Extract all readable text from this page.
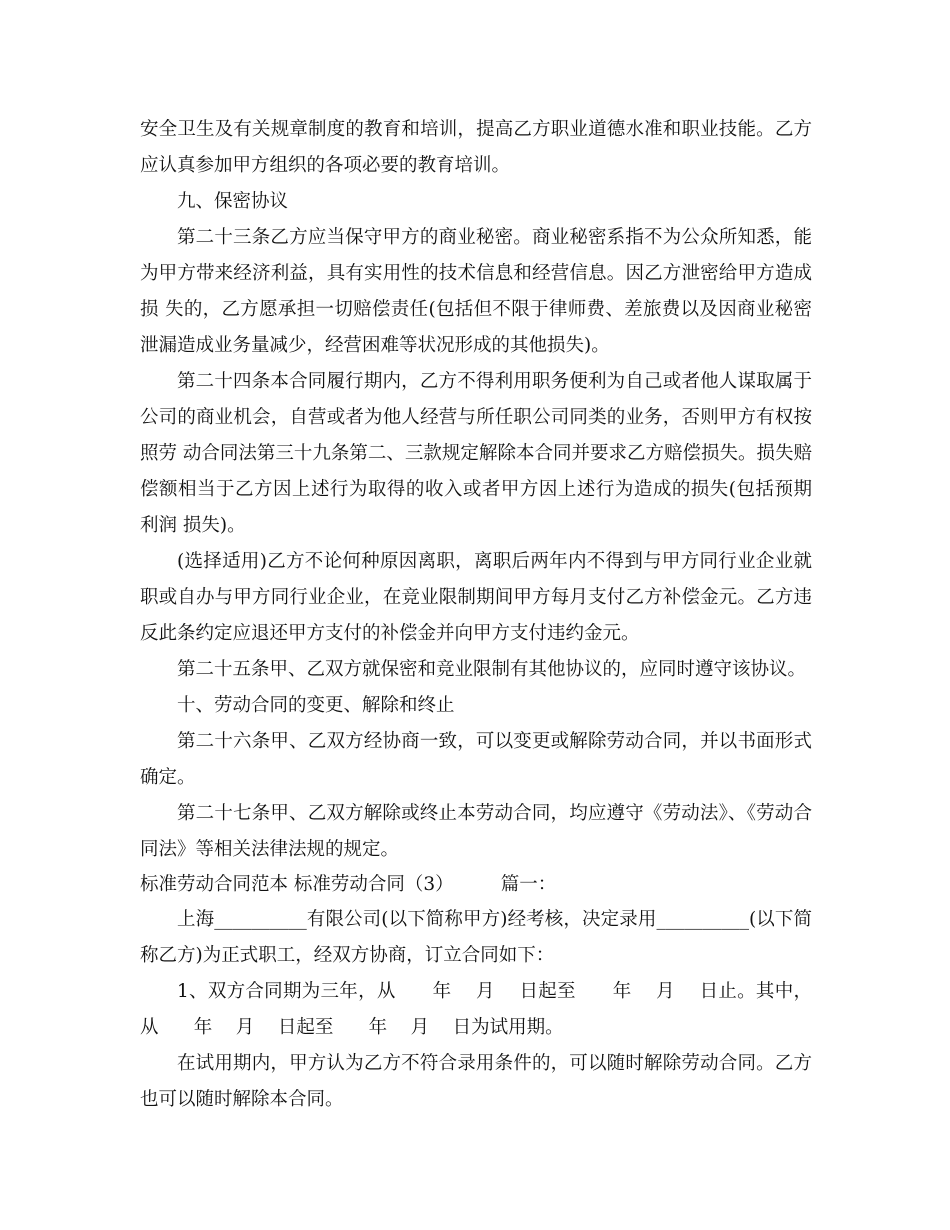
安全卫生及有关规章制度的教育和培训，提高乙方职业道德水准和职业技能。乙方应认真参加甲方组织的各项必要的教育培训。

九、保密协议

第二十三条乙方应当保守甲方的商业秘密。商业秘密系指不为公众所知悉，能为甲方带来经济利益，具有实用性的技术信息和经营信息。因乙方泄密给甲方造成损 失的，乙方愿承担一切赔偿责任(包括但不限于律师费、差旅费以及因商业秘密泄漏造成业务量减少，经营困难等状况形成的其他损失)。

第二十四条本合同履行期内，乙方不得利用职务便利为自己或者他人谋取属于公司的商业机会，自营或者为他人经营与所任职公司同类的业务，否则甲方有权按照劳 动合同法第三十九条第二、三款规定解除本合同并要求乙方赔偿损失。损失赔偿额相当于乙方因上述行为取得的收入或者甲方因上述行为造成的损失(包括预期利润 损失)。

(选择适用)乙方不论何种原因离职，离职后两年内不得到与甲方同行业企业就职或自办与甲方同行业企业，在竞业限制期间甲方每月支付乙方补偿金元。乙方违反此条约定应退还甲方支付的补偿金并向甲方支付违约金元。

第二十五条甲、乙双方就保密和竞业限制有其他协议的，应同时遵守该协议。

十、劳动合同的变更、解除和终止

第二十六条甲、乙双方经协商一致，可以变更或解除劳动合同，并以书面形式确定。

第二十七条甲、乙双方解除或终止本劳动合同，均应遵守《劳动法》、《劳动合同法》等相关法律法规的规定。

标准劳动合同范本 标准劳动合同（3）        篇一：

上海__________有限公司(以下简称甲方)经考核，决定录用__________(以下简称乙方)为正式职工，经双方协商，订立合同如下：

1、双方合同期为三年，从      年    月    日起至      年    月    日止。其中，从      年    月    日起至      年    月    日为试用期。

在试用期内，甲方认为乙方不符合录用条件的，可以随时解除劳动合同。乙方也可以随时解除本合同。
